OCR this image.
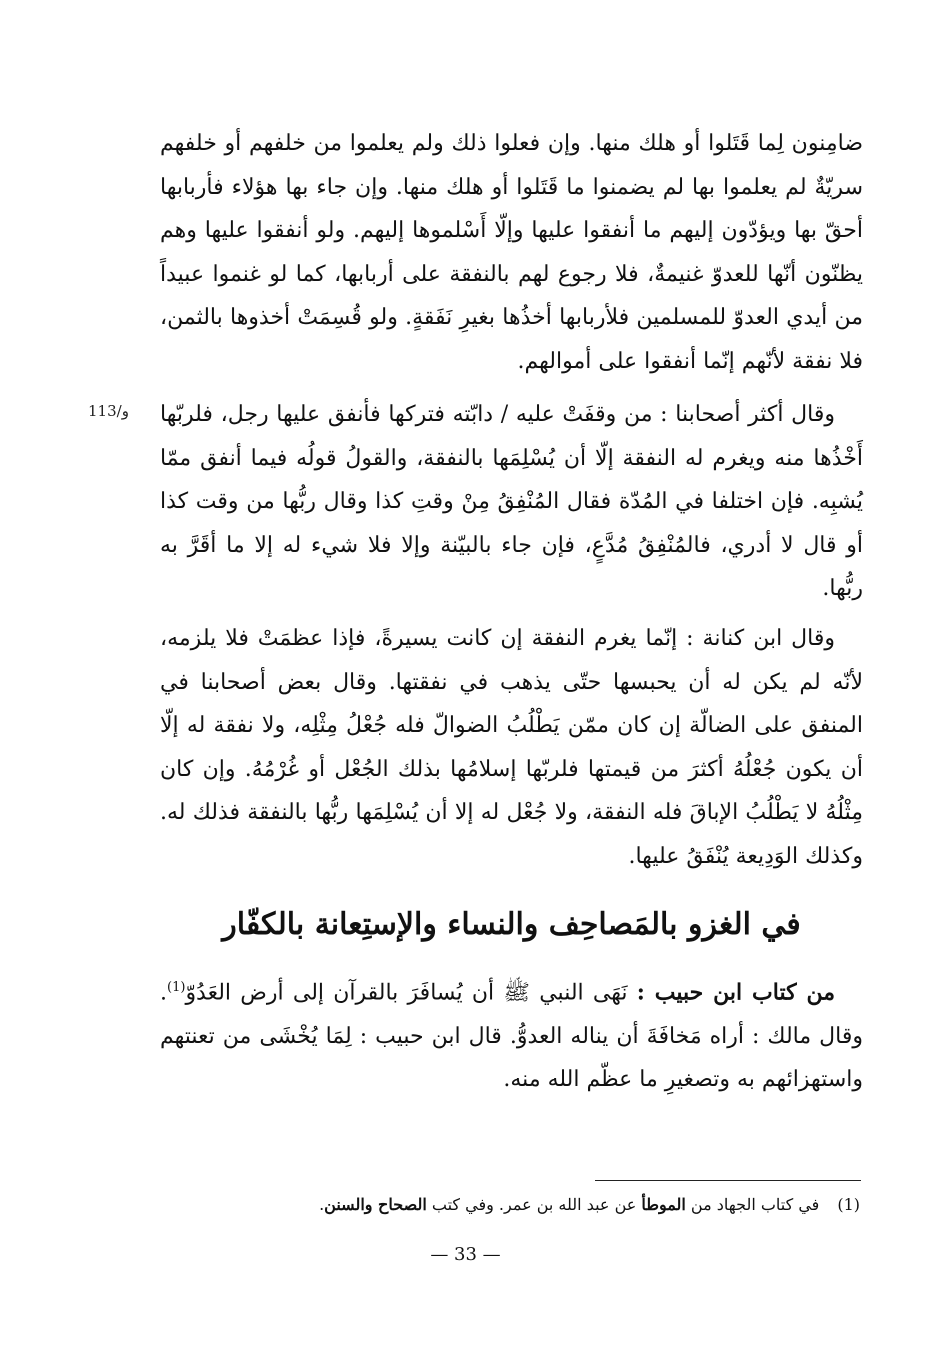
113/و
ضامِنون لِما قَتَلوا أو هلك منها. وإن فعلوا ذلك ولم يعلموا من خلفهم أو خلفهم سريّةٌ لم يعلموا بها لم يضمنوا ما قَتَلوا أو هلك منها. وإن جاء بها هؤلاء فأربابها أحقّ بها ويؤدّون إليهم ما أنفقوا عليها وإلّا أَسْلموها إليهم. ولو أنفقوا عليها وهم يظنّون أنّها للعدوّ غنيمةٌ، فلا رجوع لهم بالنفقة على أربابها، كما لو غنموا عبيداً من أيدي العدوّ للمسلمين فلأربابها أخذُها بغيرِ نَفَقةٍ. ولو قُسِمَتْ أخذوها بالثمن، فلا نفقة لأنّهم إنّما أنفقوا على أموالهم.
وقال أكثر أصحابنا : من وقفَتْ عليه / دابّته فتركها فأنفق عليها رجل، فلربّها أَخْذُها منه ويغرم له النفقة إلّا أن يُسْلِمَها بالنفقة، والقولُ قولُه فيما أنفق ممّا يُشبِه. فإن اختلفا في المُدّة فقال المُنْفِقُ مِنْ وقتِ كذا وقال ربُّها من وقت كذا أو قال لا أدري، فالمُنْفِقُ مُدَّعٍ، فإن جاء بالبيّنة وإلا فلا شيء له إلا ما أقَرَّ به ربُّها.
وقال ابن كنانة : إنّما يغرم النفقة إن كانت يسيرةً، فإذا عظمَتْ فلا يلزمه، لأنّه لم يكن له أن يحبسها حتّى يذهب في نفقتها. وقال بعض أصحابنا في المنفق على الضالّة إن كان ممّن يَطْلُبُ الضوالّ فله جُعْلُ مِثْلِه، ولا نفقة له إلّا أن يكون جُعْلُهُ أكثرَ من قيمتها فلربّها إسلامُها بذلك الجُعْل أو غُرْمُهُ. وإن كان مِثْلُهُ لا يَطْلُبُ الإباقَ فله النفقة، ولا جُعْل له إلا أن يُسْلِمَها ربُّها بالنفقة فذلك له. وكذلك الوَدِيعة يُنْفَقُ عليها.
في الغزو بالمَصاحِف والنساء والإستِعانة بالكفّار
من كتاب ابن حبيب : نَهَى النبي ﷺ أن يُسافَرَ بالقرآن إلى أرض العَدُوّ$^{(1)}$. وقال مالك : أراه مَخافَةَ أن يناله العدوُّ. قال ابن حبيب : لِمَا يُخْشَى من تعنتهم واستهزائهم به وتصغيرِ ما عظّم الله منه.
(1)في كتاب الجهاد من الموطأ عن عبد الله بن عمر. وفي كتب الصحاح والسنن.
— 33 —
